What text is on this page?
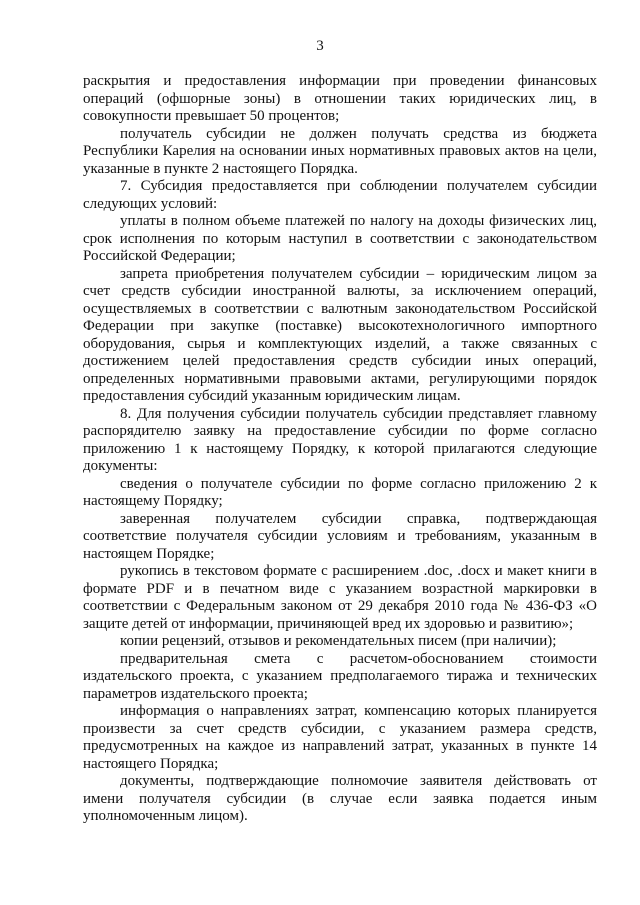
3

раскрытия и предоставления информации при проведении финансовых операций (офшорные зоны) в отношении таких юридических лиц, в совокупности превышает 50 процентов;

получатель субсидии не должен получать средства из бюджета Республики Карелия на основании иных нормативных правовых актов на цели, указанные в пункте 2 настоящего Порядка.

7. Субсидия предоставляется при соблюдении получателем субсидии следующих условий:

уплаты в полном объеме платежей по налогу на доходы физических лиц, срок исполнения по которым наступил в соответствии с законодательством Российской Федерации;

запрета приобретения получателем субсидии – юридическим лицом за счет средств субсидии иностранной валюты, за исключением операций, осуществляемых в соответствии с валютным законодательством Российской Федерации при закупке (поставке) высокотехнологичного импортного оборудования, сырья и комплектующих изделий, а также связанных с достижением целей предоставления средств субсидии иных операций, определенных нормативными правовыми актами, регулирующими порядок предоставления субсидий указанным юридическим лицам.

8. Для получения субсидии получатель субсидии представляет главному распорядителю заявку на предоставление субсидии по форме согласно приложению 1 к настоящему Порядку, к которой прилагаются следующие документы:

сведения о получателе субсидии по форме согласно приложению 2 к настоящему Порядку;

заверенная получателем субсидии справка, подтверждающая соответствие получателя субсидии условиям и требованиям, указанным в настоящем Порядке;

рукопись в текстовом формате с расширением .doc, .docx и макет книги в формате PDF и в печатном виде с указанием возрастной маркировки в соответствии с Федеральным законом от 29 декабря 2010 года № 436-ФЗ «О защите детей от информации, причиняющей вред их здоровью и развитию»;

копии рецензий, отзывов и рекомендательных писем (при наличии);

предварительная смета с расчетом-обоснованием стоимости издательского проекта, с указанием предполагаемого тиража и технических параметров издательского проекта;

информация о направлениях затрат, компенсацию которых планируется произвести за счет средств субсидии, с указанием размера средств, предусмотренных на каждое из направлений затрат, указанных в пункте 14 настоящего Порядка;

документы, подтверждающие полномочие заявителя действовать от имени получателя субсидии (в случае если заявка подается иным уполномоченным лицом).
